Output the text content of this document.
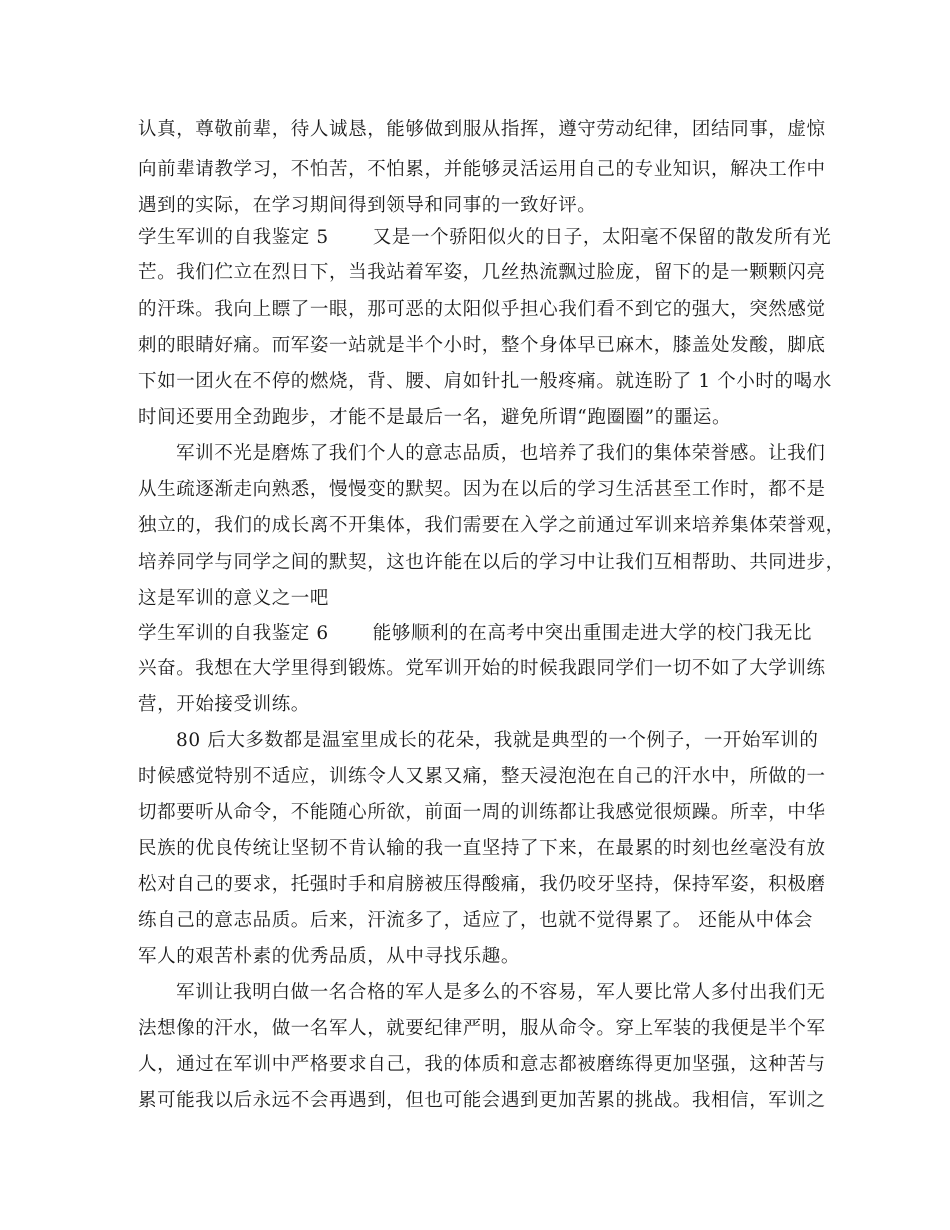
认真，尊敬前辈，待人诚恳，能够做到服从指挥，遵守劳动纪律，团结同事，虚惊
向前辈请教学习，不怕苦，不怕累，并能够灵活运用自己的专业知识，解决工作中
遇到的实际，在学习期间得到领导和同事的一致好评。
学生军训的自我鉴定 5 又是一个骄阳似火的日子，太阳毫不保留的散发所有光
芒。我们伫立在烈日下，当我站着军姿，几丝热流飘过脸庞，留下的是一颗颗闪亮
的汗珠。我向上瞟了一眼，那可恶的太阳似乎担心我们看不到它的强大，突然感觉
刺的眼睛好痛。而军姿一站就是半个小时，整个身体早已麻木，膝盖处发酸，脚底
下如一团火在不停的燃烧，背、腰、肩如针扎一般疼痛。就连盼了 1 个小时的喝水
时间还要用全劲跑步，才能不是最后一名，避免所谓“跑圈圈”的噩运。
军训不光是磨炼了我们个人的意志品质，也培养了我们的集体荣誉感。让我们
从生疏逐渐走向熟悉，慢慢变的默契。因为在以后的学习生活甚至工作时，都不是
独立的，我们的成长离不开集体，我们需要在入学之前通过军训来培养集体荣誉观，
培养同学与同学之间的默契，这也许能在以后的学习中让我们互相帮助、共同进步，
这是军训的意义之一吧
学生军训的自我鉴定 6 能够顺利的在高考中突出重围走进大学的校门我无比
兴奋。我想在大学里得到锻炼。党军训开始的时候我跟同学们一切不如了大学训练
营，开始接受训练。
80 后大多数都是温室里成长的花朵，我就是典型的一个例子，一开始军训的
时候感觉特别不适应，训练令人又累又痛，整天浸泡泡在自己的汗水中，所做的一
切都要听从命令，不能随心所欲，前面一周的训练都让我感觉很烦躁。所幸，中华
民族的优良传统让坚韧不肯认输的我一直坚持了下来，在最累的时刻也丝毫没有放
松对自己的要求，托强时手和肩膀被压得酸痛，我仍咬牙坚持，保持军姿，积极磨
练自己的意志品质。后来，汗流多了，适应了，也就不觉得累了。 还能从中体会
军人的艰苦朴素的优秀品质，从中寻找乐趣。
军训让我明白做一名合格的军人是多么的不容易，军人要比常人多付出我们无
法想像的汗水，做一名军人，就要纪律严明，服从命令。穿上军装的我便是半个军
人，通过在军训中严格要求自己，我的体质和意志都被磨练得更加坚强，这种苦与
累可能我以后永远不会再遇到，但也可能会遇到更加苦累的挑战。我相信，军训之
